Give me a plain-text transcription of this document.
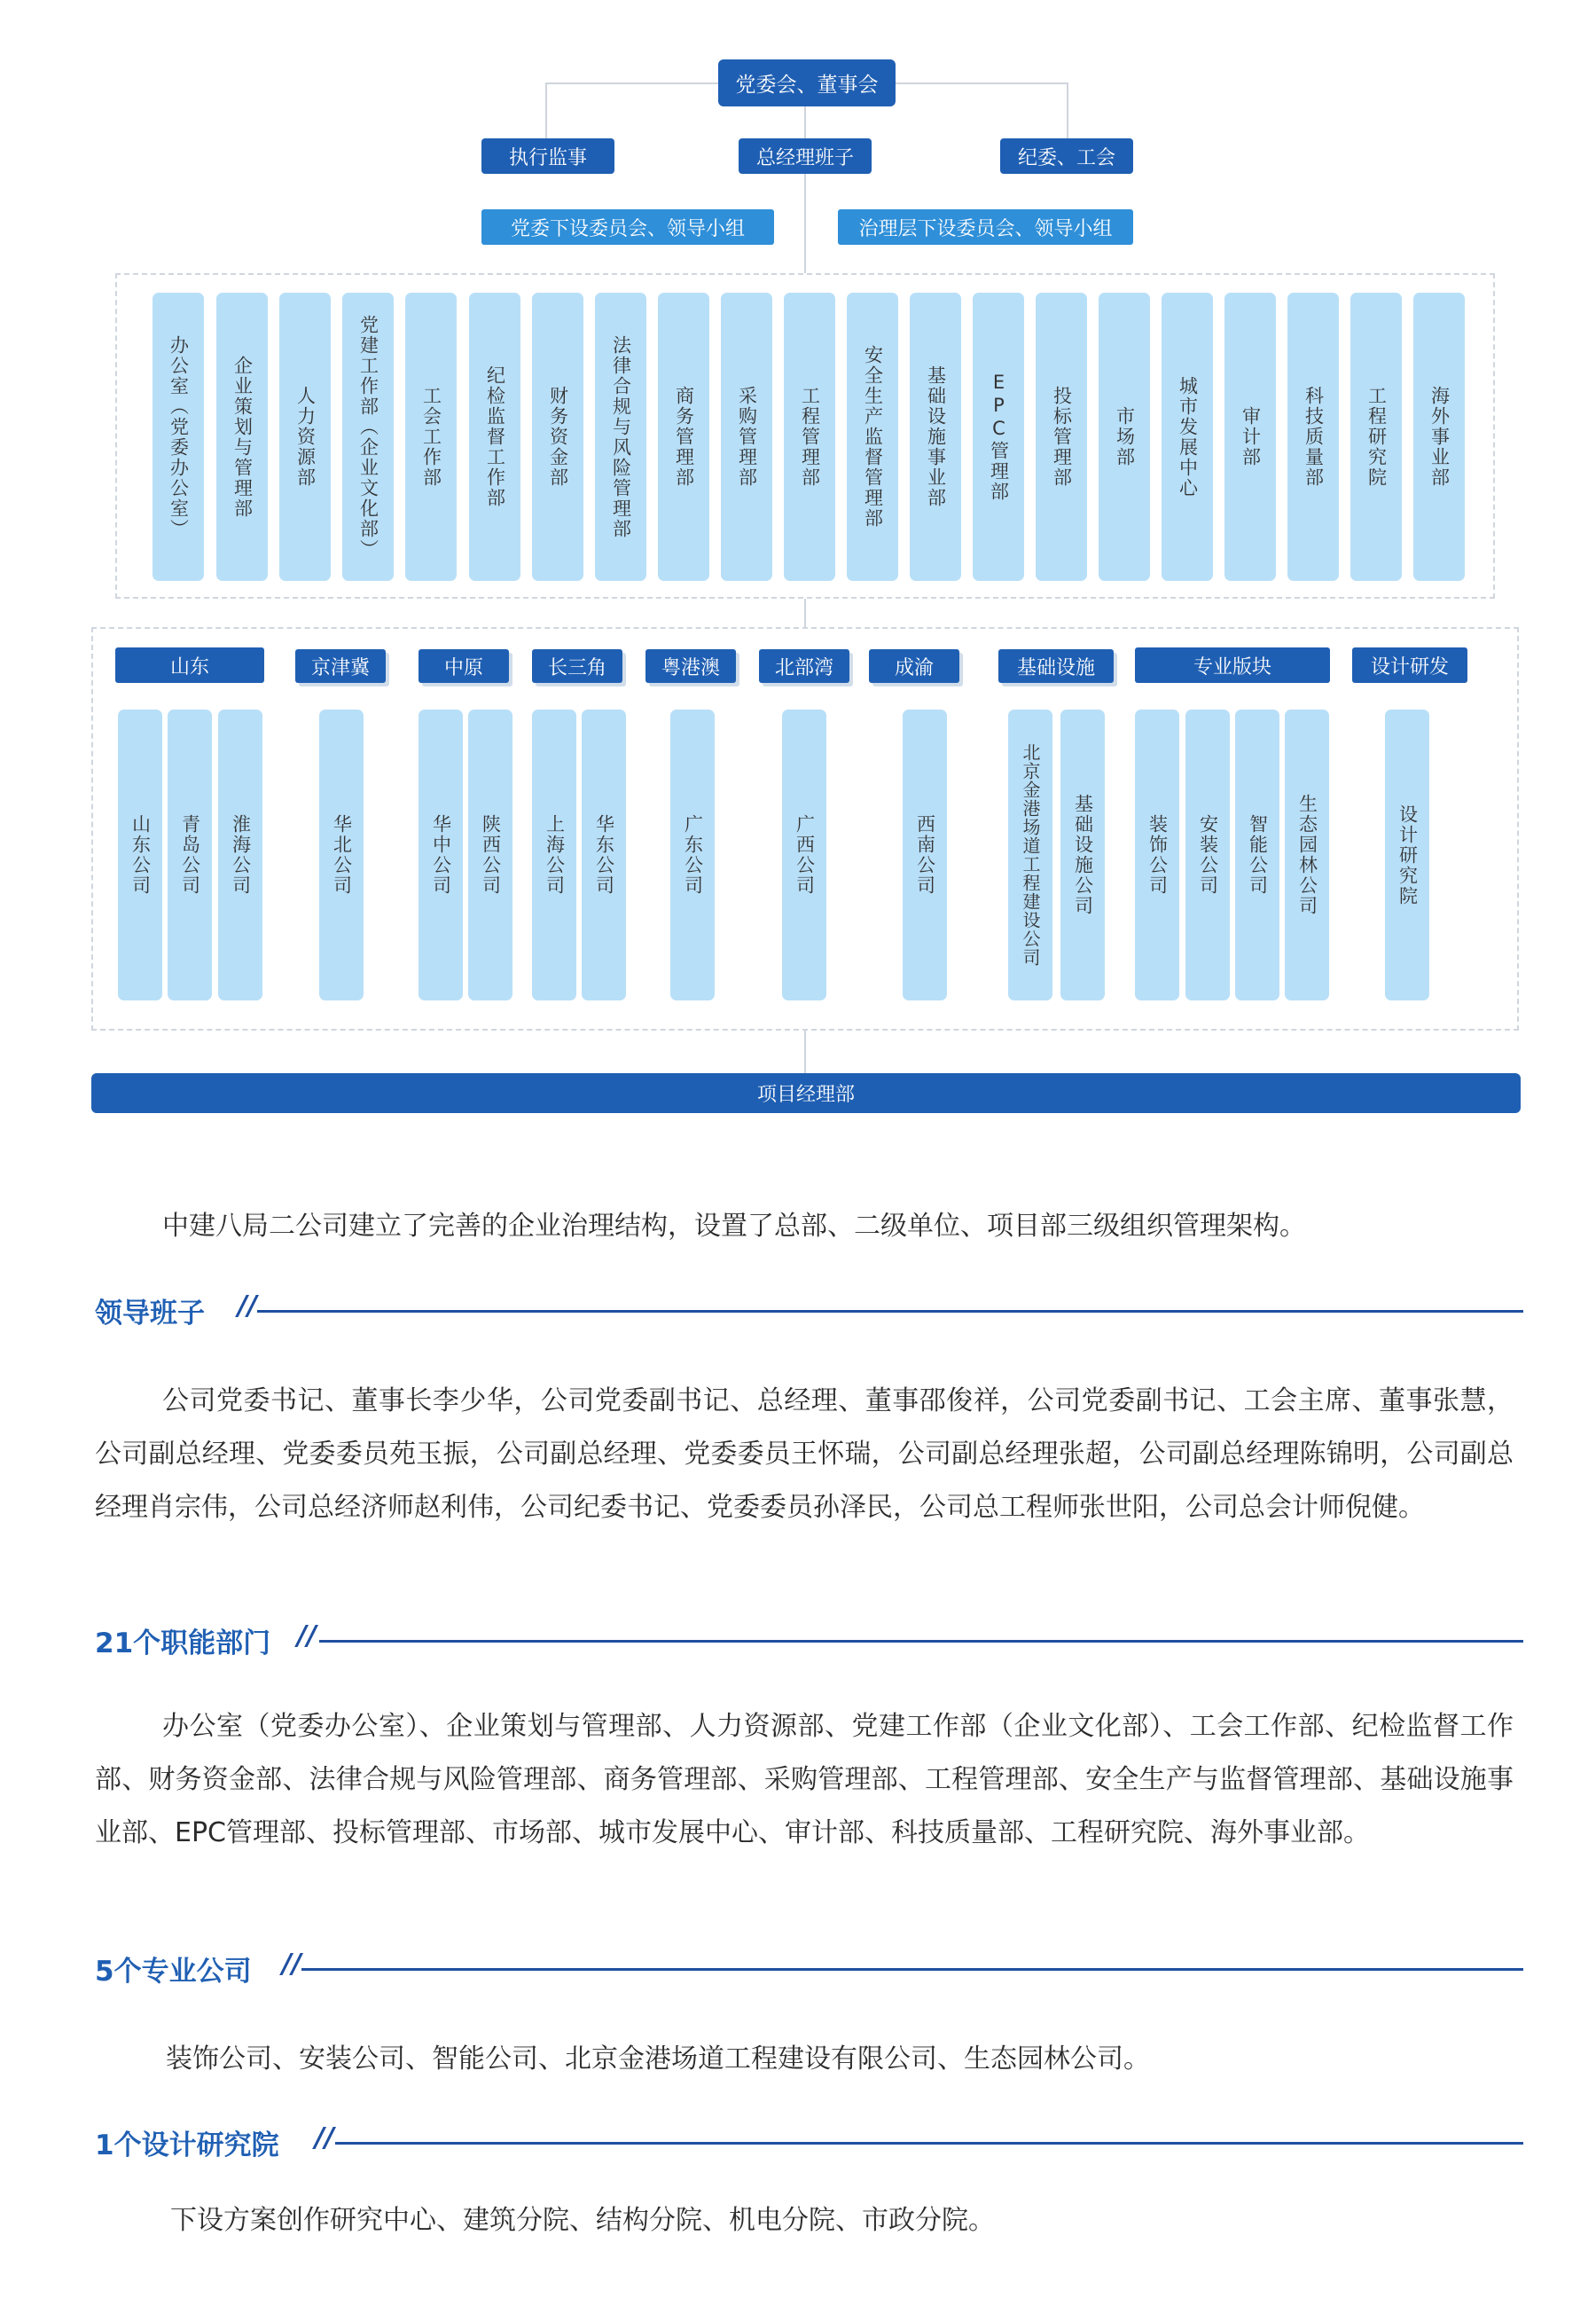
党委会、董事会
执行监事	总经理班子	纪委、工会
党委下设委员会、领导小组	治理层下设委员会、领导小组
办公室（党委办公室） 企业策划与管理部 人力资源部 党建工作部（企业文化部） 工会工作部 纪检监督工作部 财务资金部 法律合规与风险管理部 商务管理部 采购管理部 工程管理部 安全生产监督管理部 基础设施事业部 EPC管理部 投标管理部 市场部 城市发展中心 审计部 科技质量部 工程研究院 海外事业部
山东	京津冀	中原	长三角	粤港澳	北部湾	成渝	基础设施	专业版块	设计研发
山东公司 青岛公司 淮海公司	华北公司	华中公司 陕西公司 上海公司 华东公司	广东公司	广西公司	西南公司	北京金港场道工程建设公司 基础设施公司	装饰公司 安装公司 智能公司 生态园林公司	设计研究院
项目经理部

中建八局二公司建立了完善的企业治理结构，设置了总部、二级单位、项目部三级组织管理架构。

领导班子 //

公司党委书记、董事长李少华，公司党委副书记、总经理、董事邵俊祥，公司党委副书记、工会主席、董事张慧，公司副总经理、党委委员苑玉振，公司副总经理、党委委员王怀瑞，公司副总经理张超，公司副总经理陈锦明，公司副总经理肖宗伟，公司总经济师赵利伟，公司纪委书记、党委委员孙泽民，公司总工程师张世阳，公司总会计师倪健。

21个职能部门 //

办公室（党委办公室）、企业策划与管理部、人力资源部、党建工作部（企业文化部）、工会工作部、纪检监督工作部、财务资金部、法律合规与风险管理部、商务管理部、采购管理部、工程管理部、安全生产与监督管理部、基础设施事业部、EPC管理部、投标管理部、市场部、城市发展中心、审计部、科技质量部、工程研究院、海外事业部。

5个专业公司 //

装饰公司、安装公司、智能公司、北京金港场道工程建设有限公司、生态园林公司。

1个设计研究院 //

下设方案创作研究中心、建筑分院、结构分院、机电分院、市政分院。
